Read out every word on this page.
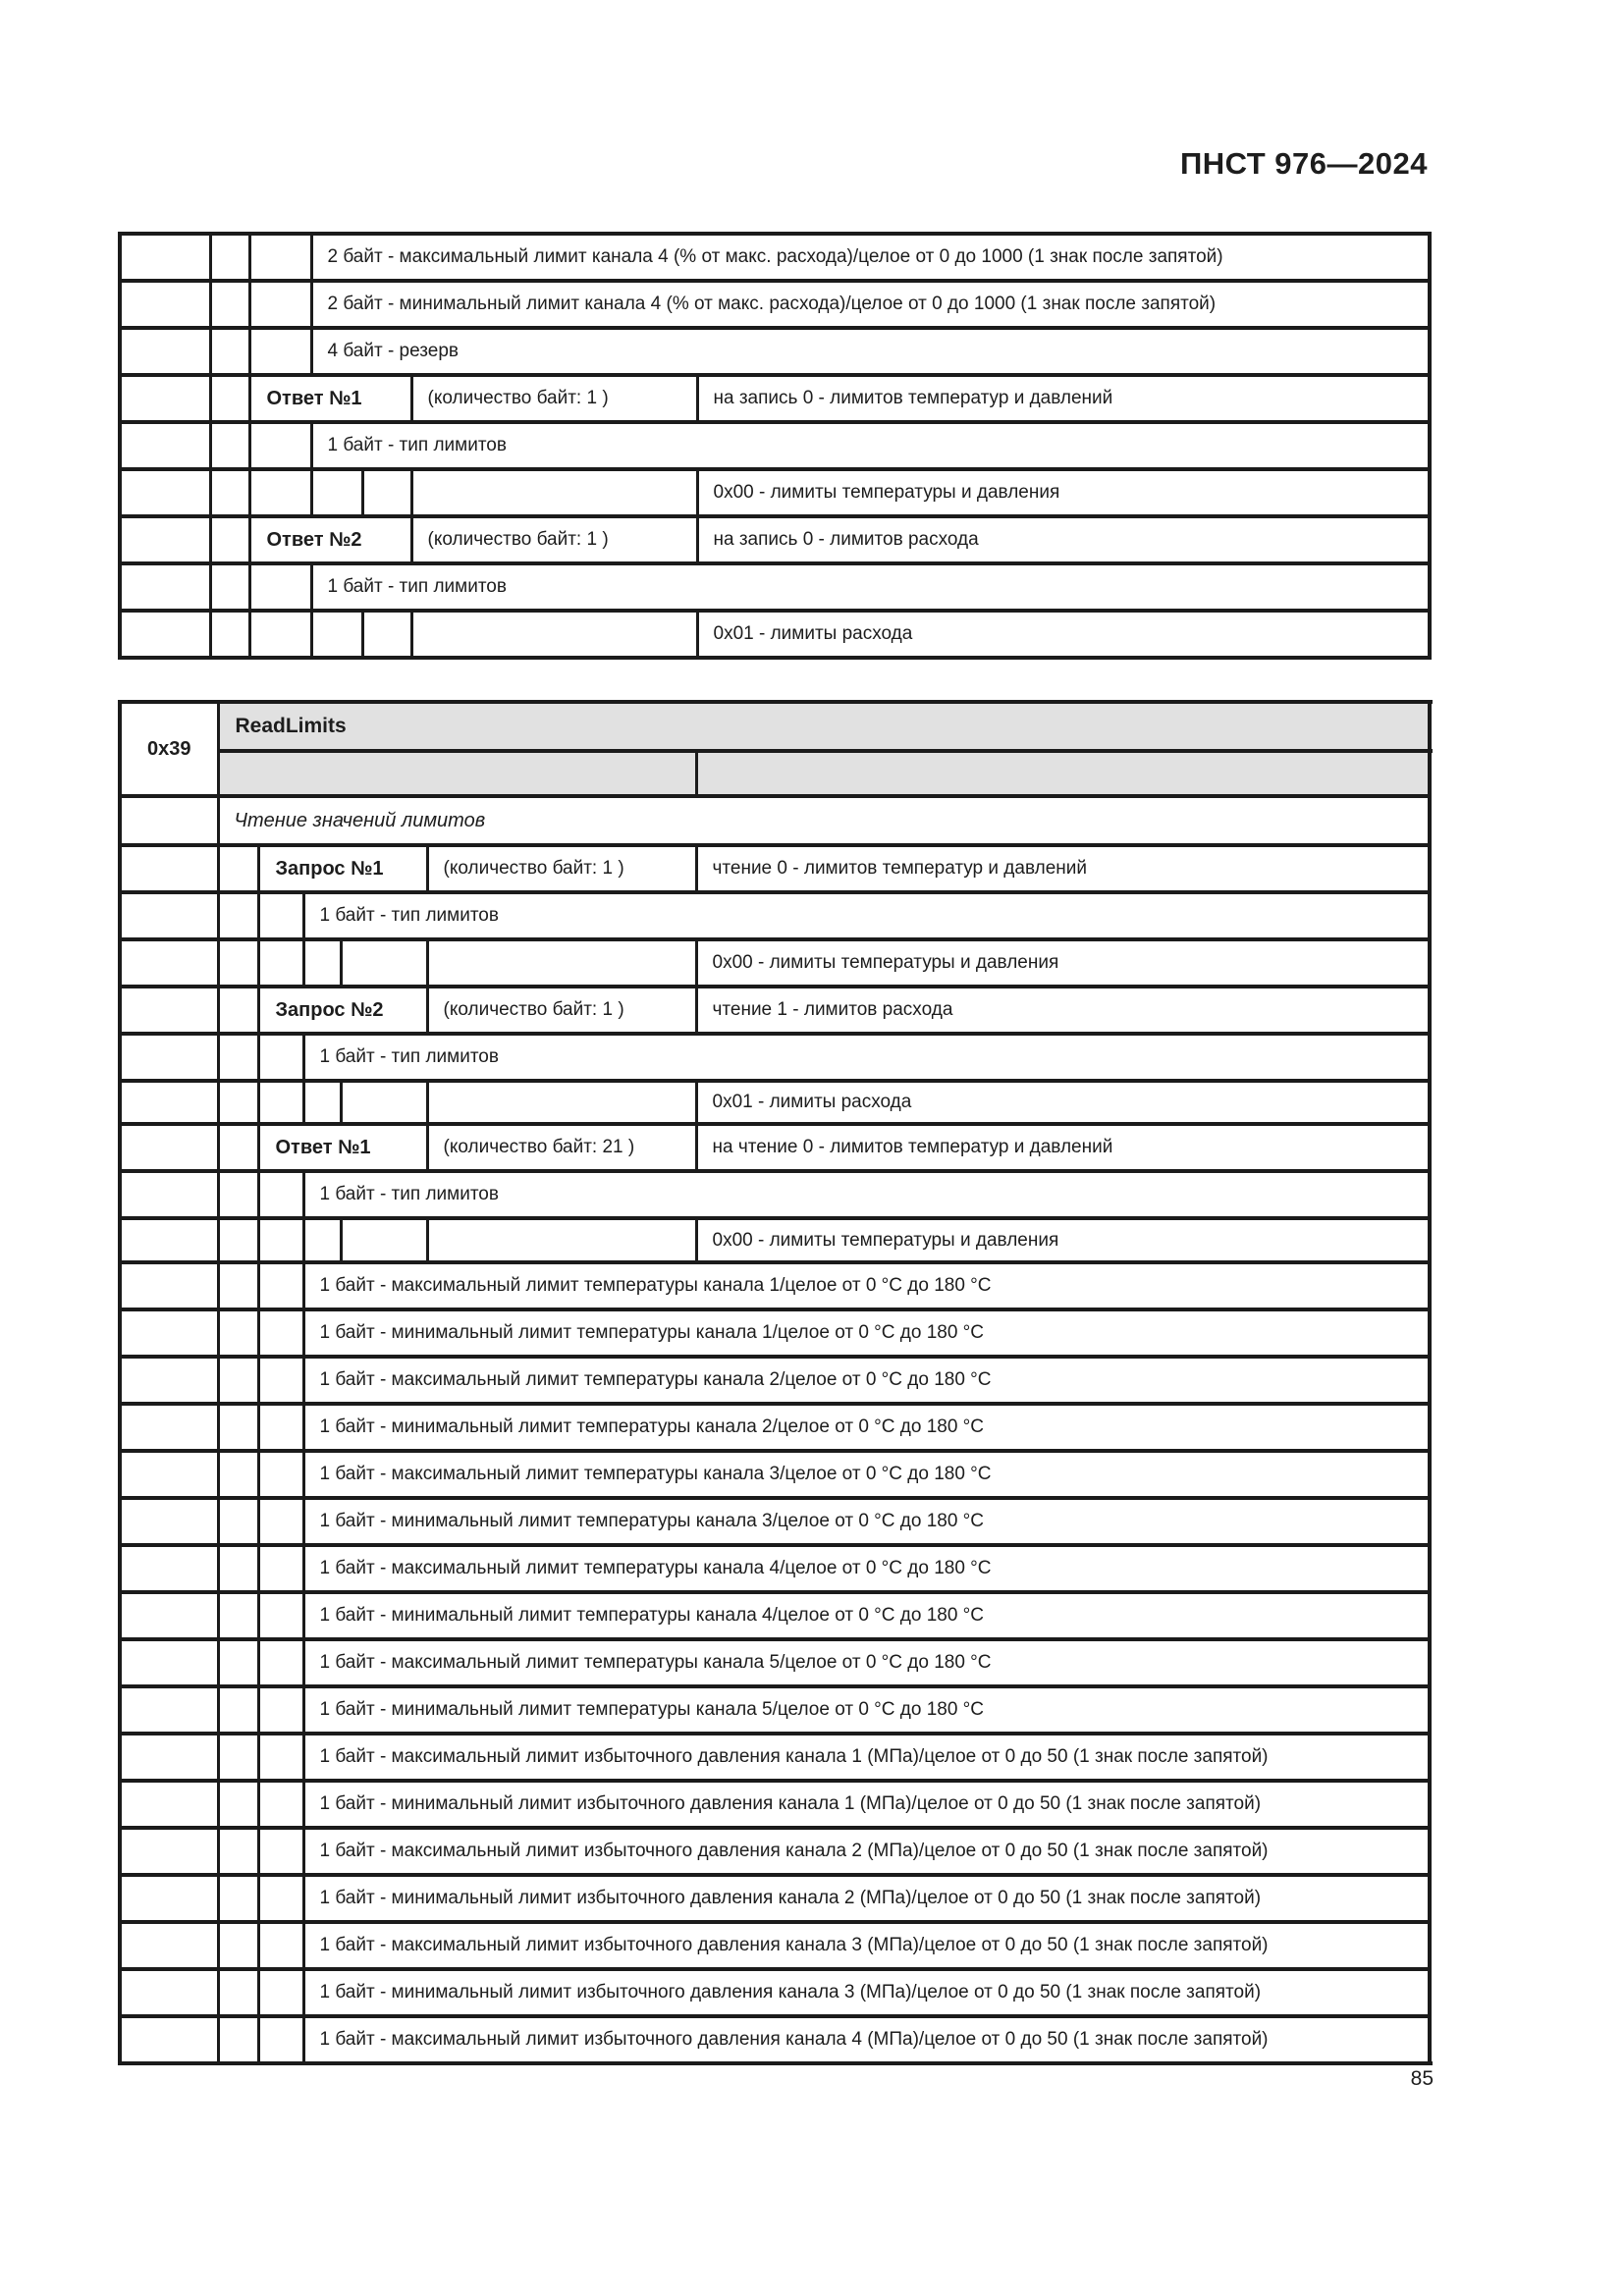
ПНСТ 976—2024
			2 байт - максимальный лимит канала 4 (% от макс. расхода)/целое от 0 до 1000 (1 знак после запятой)			
			2 байт - минимальный лимит канала 4 (% от макс. расхода)/целое от 0 до 1000 (1 знак после запятой)			
			4 байт - резерв			
		Ответ №1			(количество байт: 1 )	на запись 0 - лимитов температур и давлений
			1 байт - тип лимитов			
						0x00 - лимиты температуры и давления
		Ответ №2			(количество байт: 1 )	на запись 0 - лимитов расхода
			1 байт - тип лимитов			
						0x01 - лимиты расхода
0x39	ReadLimits					

	Чтение значений лимитов					
		Запрос №1			(количество байт: 1 )	чтение 0 - лимитов температур и давлений
			1 байт - тип лимитов			
						0x00 - лимиты температуры и давления
		Запрос №2			(количество байт: 1 )	чтение 1 - лимитов расхода
			1 байт - тип лимитов			
						0x01 - лимиты расхода
		Ответ №1			(количество байт: 21 )	на чтение 0 - лимитов температур и давлений
			1 байт - тип лимитов			
						0x00 - лимиты температуры и давления
			1 байт - максимальный лимит температуры канала 1/целое от 0 °С до 180 °С			
			1 байт - минимальный лимит температуры канала 1/целое от 0 °С до 180 °С			
			1 байт - максимальный лимит температуры канала 2/целое от 0 °С до 180 °С			
			1 байт - минимальный лимит температуры канала 2/целое от 0 °С до 180 °С			
			1 байт - максимальный лимит температуры канала 3/целое от 0 °С до 180 °С			
			1 байт - минимальный лимит температуры канала 3/целое от 0 °С до 180 °С			
			1 байт - максимальный лимит температуры канала 4/целое от 0 °С до 180 °С			
			1 байт - минимальный лимит температуры канала 4/целое от 0 °С до 180 °С			
			1 байт - максимальный лимит температуры канала 5/целое от 0 °С до 180 °С			
			1 байт - минимальный лимит температуры канала 5/целое от 0 °С до 180 °С			
			1 байт - максимальный лимит избыточного давления канала 1 (МПа)/целое от 0 до 50 (1 знак после запятой)			
			1 байт - минимальный лимит избыточного давления канала 1 (МПа)/целое от 0 до 50 (1 знак после запятой)			
			1 байт - максимальный лимит избыточного давления канала 2 (МПа)/целое от 0 до 50 (1 знак после запятой)			
			1 байт - минимальный лимит избыточного давления канала 2 (МПа)/целое от 0 до 50 (1 знак после запятой)			
			1 байт - максимальный лимит избыточного давления канала 3 (МПа)/целое от 0 до 50 (1 знак после запятой)			
			1 байт - минимальный лимит избыточного давления канала 3 (МПа)/целое от 0 до 50 (1 знак после запятой)			
			1 байт - максимальный лимит избыточного давления канала 4 (МПа)/целое от 0 до 50 (1 знак после запятой)			
85
